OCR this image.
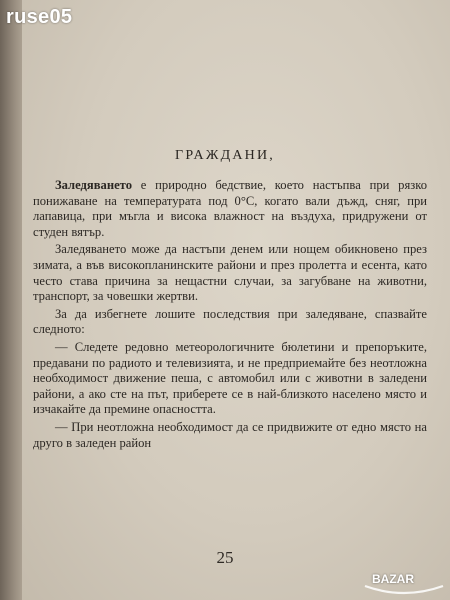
ruse05
ГРАЖДАНИ,

Заледяването е природно бедствие, което настъпва при рязко понижаване на температурата под 0°С, когато вали дъжд, сняг, при лапавица, при мъгла и висока влажност на въздуха, придружени от студен вятър.

Заледяването може да настъпи денем или нощем обикновено през зимата, а във високопланинските райони и през пролетта и есента, като често става причина за нещастни случаи, за загубване на животни, транспорт, за човешки жертви.

За да избегнете лошите последствия при заледяване, спазвайте следното:

— Следете редовно метеорологичните бюлетини и препоръките, предавани по радиото и телевизията, и не предприемайте без неотложна необходимост движение пеша, с автомобил или с животни в заледени райони, а ако сте на път, приберете се в най-близкото населено място и изчакайте да премине опасността.

— При неотложна необходимост да се придвижите от едно място на друго в заледен район

25
BAZAR
